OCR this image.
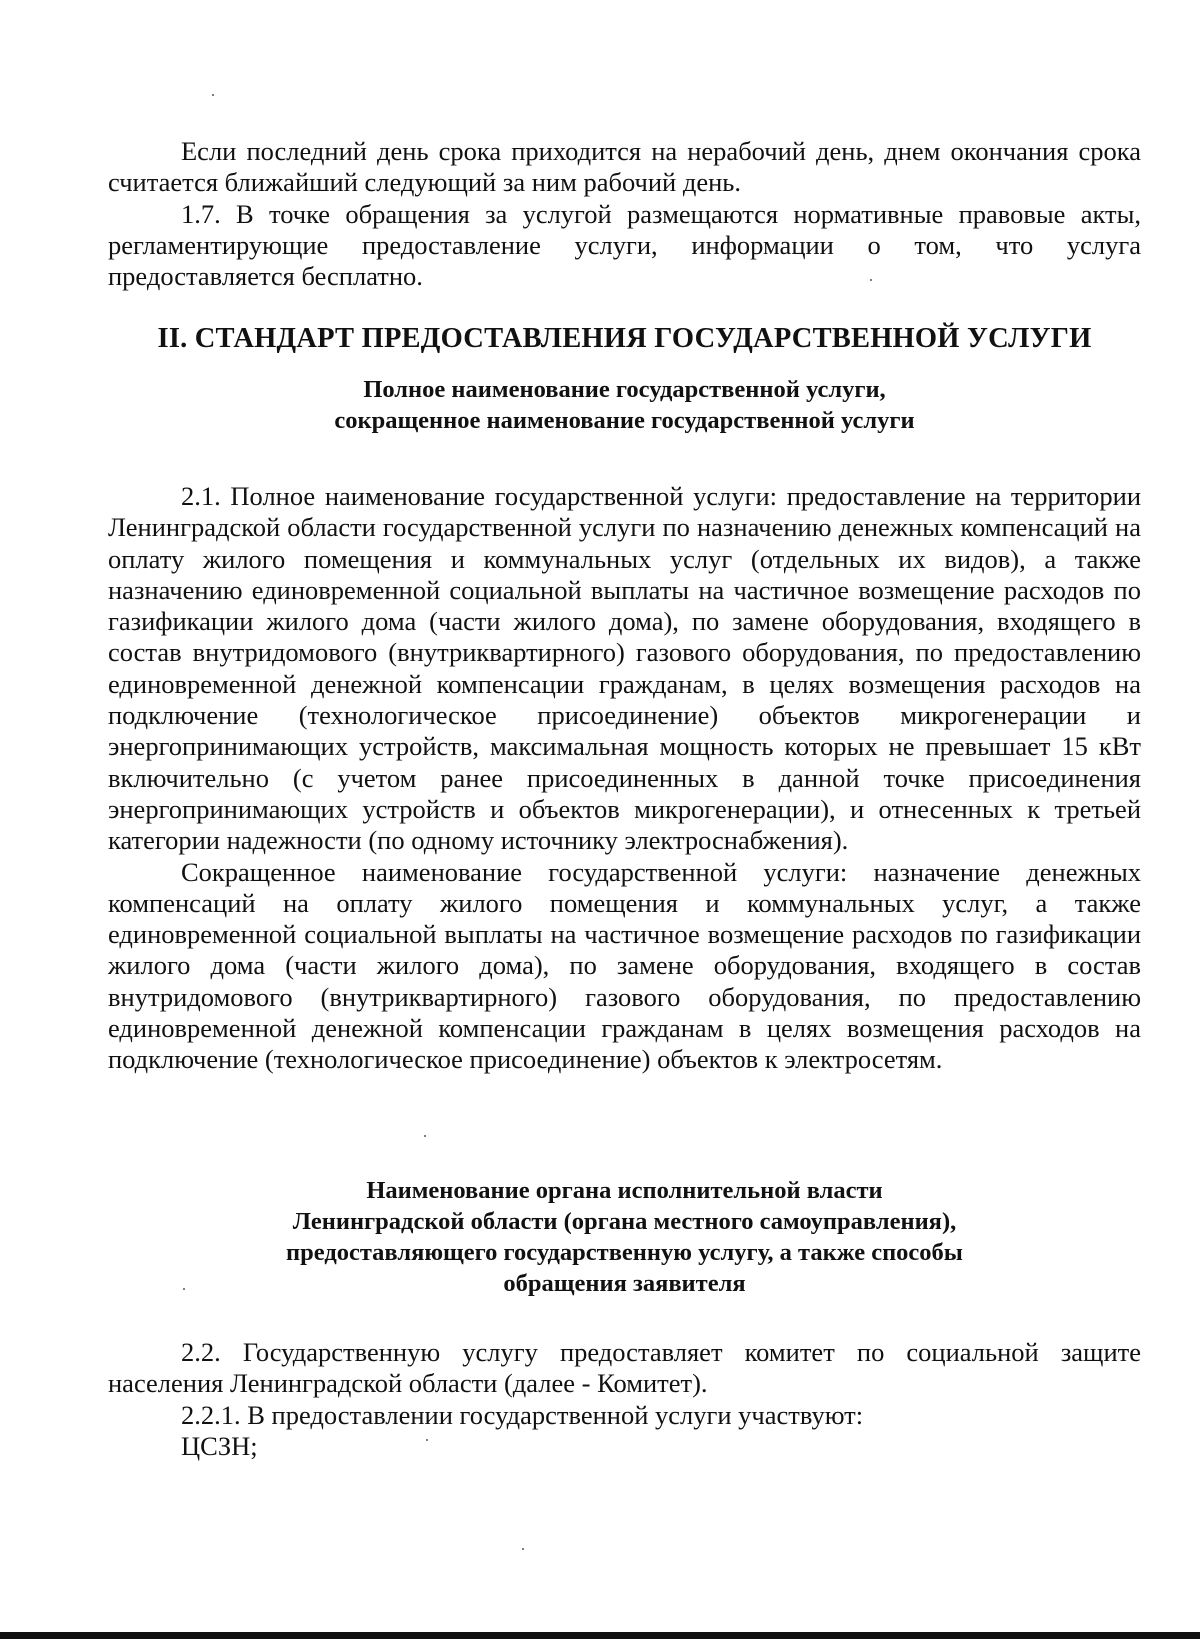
Если последний день срока приходится на нерабочий день, днем окончания срока считается ближайший следующий за ним рабочий день.

1.7. В точке обращения за услугой размещаются нормативные правовые акты, регламентирующие предоставление услуги, информации о том, что услуга предоставляется бесплатно.

II. СТАНДАРТ ПРЕДОСТАВЛЕНИЯ ГОСУДАРСТВЕННОЙ УСЛУГИ
Полное наименование государственной услуги,
сокращенное наименование государственной услуги

2.1. Полное наименование государственной услуги: предоставление на территории Ленинградской области государственной услуги по назначению денежных компенсаций на оплату жилого помещения и коммунальных услуг (отдельных их видов), а также назначению единовременной социальной выплаты на частичное возмещение расходов по газификации жилого дома (части жилого дома), по замене оборудования, входящего в состав внутридомового (внутриквартирного) газового оборудования, по предоставлению единовременной денежной компенсации гражданам, в целях возмещения расходов на подключение (технологическое присоединение) объектов микрогенерации и энергопринимающих устройств, максимальная мощность которых не превышает 15 кВт включительно (с учетом ранее присоединенных в данной точке присоединения энергопринимающих устройств и объектов микрогенерации), и отнесенных к третьей категории надежности (по одному источнику электроснабжения).

Сокращенное наименование государственной услуги: назначение денежных компенсаций на оплату жилого помещения и коммунальных услуг, а также единовременной социальной выплаты на частичное возмещение расходов по газификации жилого дома (части жилого дома), по замене оборудования, входящего в состав внутридомового (внутриквартирного) газового оборудования, по предоставлению единовременной денежной компенсации гражданам в целях возмещения расходов на подключение (технологическое присоединение) объектов к электросетям.

Наименование органа исполнительной власти
Ленинградской области (органа местного самоуправления),
предоставляющего государственную услугу, а также способы
обращения заявителя

2.2. Государственную услугу предоставляет комитет по социальной защите населения Ленинградской области (далее - Комитет).

2.2.1. В предоставлении государственной услуги участвуют:

ЦСЗН;
